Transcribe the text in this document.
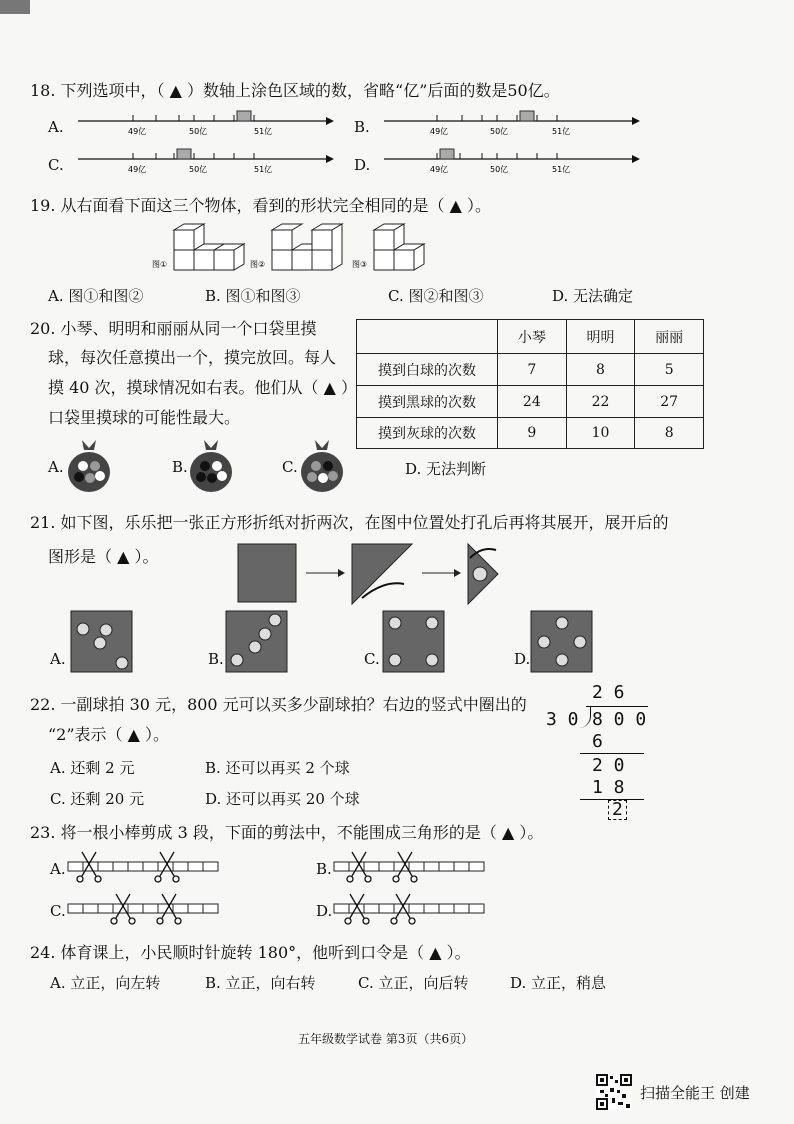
18. 下列选项中，（ ▲ ）数轴上涂色区域的数，省略“亿”后面的数是50亿。
A.	49亿	50亿	51亿	B.	49亿	50亿	51亿
C.	49亿	50亿	51亿	D.	49亿	50亿	51亿
19. 从右面看下面这三个物体，看到的形状完全相同的是（ ▲ ）。
图①	图②	图③
A. 图①和图②	B. 图①和图③	C. 图②和图③	D. 无法确定
20. 小琴、明明和丽丽从同一个口袋里摸
球，每次任意摸出一个，摸完放回。每人
摸 40 次，摸球情况如右表。他们从（ ▲ ）
口袋里摸球的可能性最大。
	小琴	明明	丽丽
摸到白球的次数	7	8	5
摸到黑球的次数	24	22	27
摸到灰球的次数	9	10	8
A.	B.	C.	D. 无法判断
21. 如下图，乐乐把一张正方形折纸对折两次，在图中位置处打孔后再将其展开，展开后的
图形是（ ▲ ）。
A.	B.	C.	D.
22. 一副球拍 30 元，800 元可以买多少副球拍？右边的竖式中圈出的
“2”表示（ ▲ ）。
A. 还剩 2 元	B. 还可以再买 2 个球
C. 还剩 20 元	D. 还可以再买 20 个球
2 6
3 0 8 0 0
6
2 0
1 8
2
23. 将一根小棒剪成 3 段，下面的剪法中，不能围成三角形的是（ ▲ ）。
A.	B.
C.	D.
24. 体育课上，小民顺时针旋转 180°，他听到口令是（ ▲ ）。
A. 立正，向左转	B. 立正，向右转	C. 立正，向后转	D. 立正，稍息
五年级数学试卷 第3页（共6页）
扫描全能王 创建
